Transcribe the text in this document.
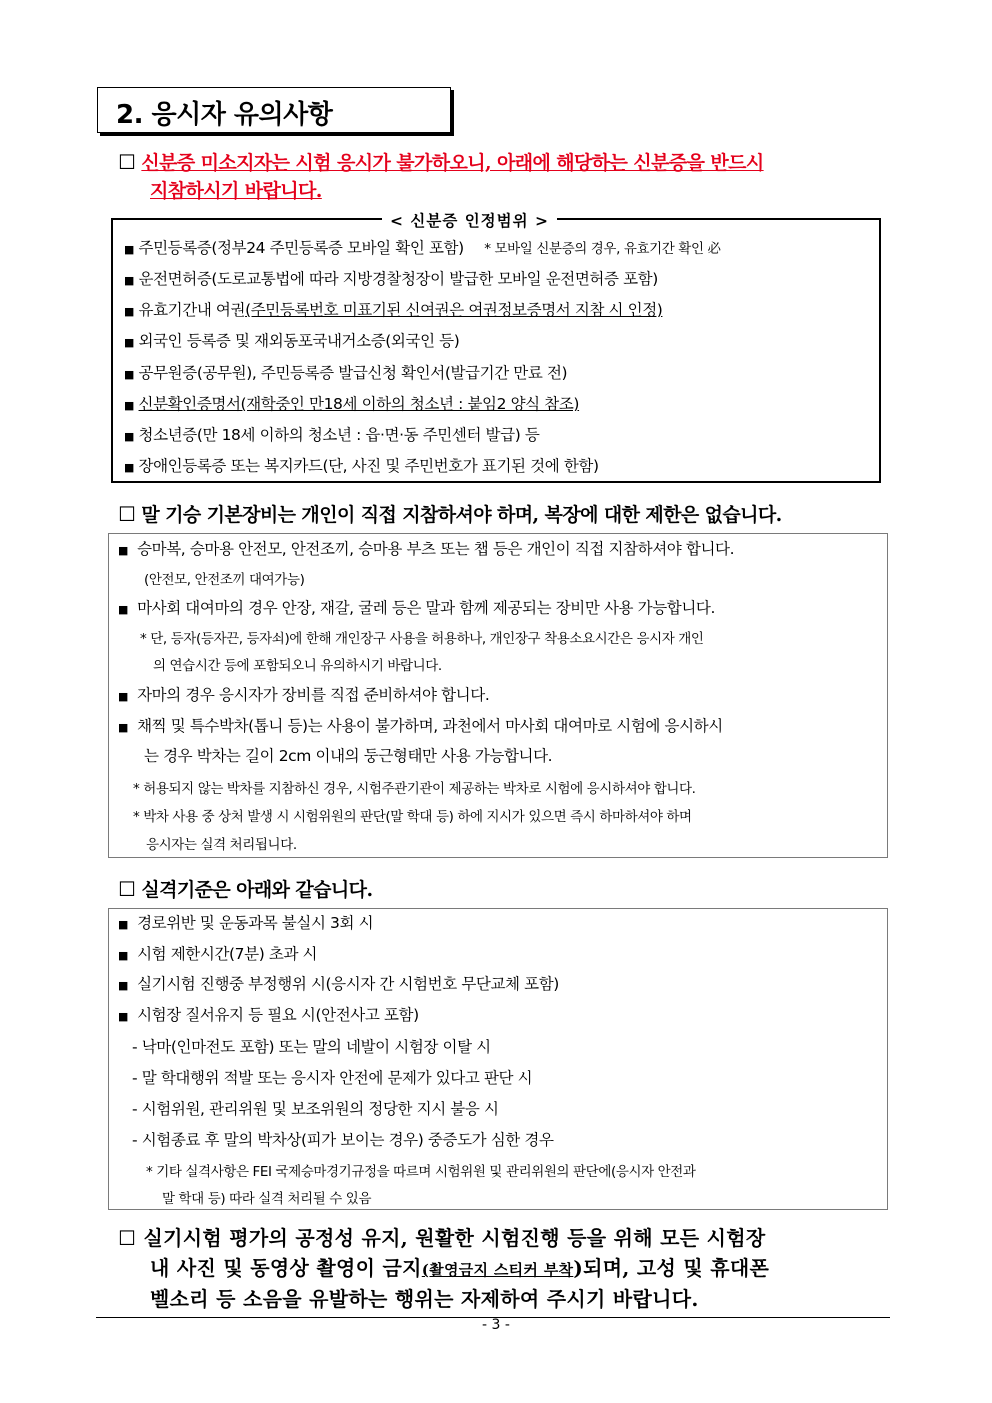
2. 응시자 유의사항
☐ 신분증 미소지자는 시험 응시가 불가하오니, 아래에 해당하는 신분증을 반드시
지참하시기 바랍니다.
< 신분증 인정범위 >
■ 주민등록증(정부24 주민등록증 모바일 확인 포함) * 모바일 신분증의 경우, 유효기간 확인 必
■ 운전면허증(도로교통법에 따라 지방경찰청장이 발급한 모바일 운전면허증 포함)
■ 유효기간내 여권(주민등록번호 미표기된 신여권은 여권정보증명서 지참 시 인정)
■ 외국인 등록증 및 재외동포국내거소증(외국인 등)
■ 공무원증(공무원), 주민등록증 발급신청 확인서(발급기간 만료 전)
■ 신분확인증명서(재학중인 만18세 이하의 청소년 : 붙임2 양식 참조)
■ 청소년증(만 18세 이하의 청소년 : 읍·면·동 주민센터 발급) 등
■ 장애인등록증 또는 복지카드(단, 사진 및 주민번호가 표기된 것에 한함)
☐ 말 기승 기본장비는 개인이 직접 지참하셔야 하며, 복장에 대한 제한은 없습니다.
■ 승마복, 승마용 안전모, 안전조끼, 승마용 부츠 또는 챕 등은 개인이 직접 지참하셔야 합니다.
(안전모, 안전조끼 대여가능)
■ 마사회 대여마의 경우 안장, 재갈, 굴레 등은 말과 함께 제공되는 장비만 사용 가능합니다.
* 단, 등자(등자끈, 등자쇠)에 한해 개인장구 사용을 허용하나, 개인장구 착용소요시간은 응시자 개인
의 연습시간 등에 포함되오니 유의하시기 바랍니다.
■ 자마의 경우 응시자가 장비를 직접 준비하셔야 합니다.
■ 채찍 및 특수박차(톱니 등)는 사용이 불가하며, 과천에서 마사회 대여마로 시험에 응시하시
는 경우 박차는 길이 2cm 이내의 둥근형태만 사용 가능합니다.
* 허용되지 않는 박차를 지참하신 경우, 시험주관기관이 제공하는 박차로 시험에 응시하셔야 합니다.
* 박차 사용 중 상처 발생 시 시험위원의 판단(말 학대 등) 하에 지시가 있으면 즉시 하마하셔야 하며
응시자는 실격 처리됩니다.
☐ 실격기준은 아래와 같습니다.
■ 경로위반 및 운동과목 불실시 3회 시
■ 시험 제한시간(7분) 초과 시
■ 실기시험 진행중 부정행위 시(응시자 간 시험번호 무단교체 포함)
■ 시험장 질서유지 등 필요 시(안전사고 포함)
- 낙마(인마전도 포함) 또는 말의 네발이 시험장 이탈 시
- 말 학대행위 적발 또는 응시자 안전에 문제가 있다고 판단 시
- 시험위원, 관리위원 및 보조위원의 정당한 지시 불응 시
- 시험종료 후 말의 박차상(피가 보이는 경우) 중증도가 심한 경우
* 기타 실격사항은 FEI 국제승마경기규정을 따르며 시험위원 및 관리위원의 판단에(응시자 안전과
말 학대 등) 따라 실격 처리될 수 있음
☐ 실기시험 평가의 공정성 유지, 원활한 시험진행 등을 위해 모든 시험장
내 사진 및 동영상 촬영이 금지(촬영금지 스티커 부착)되며, 고성 및 휴대폰
벨소리 등 소음을 유발하는 행위는 자제하여 주시기 바랍니다.
- 3 -
